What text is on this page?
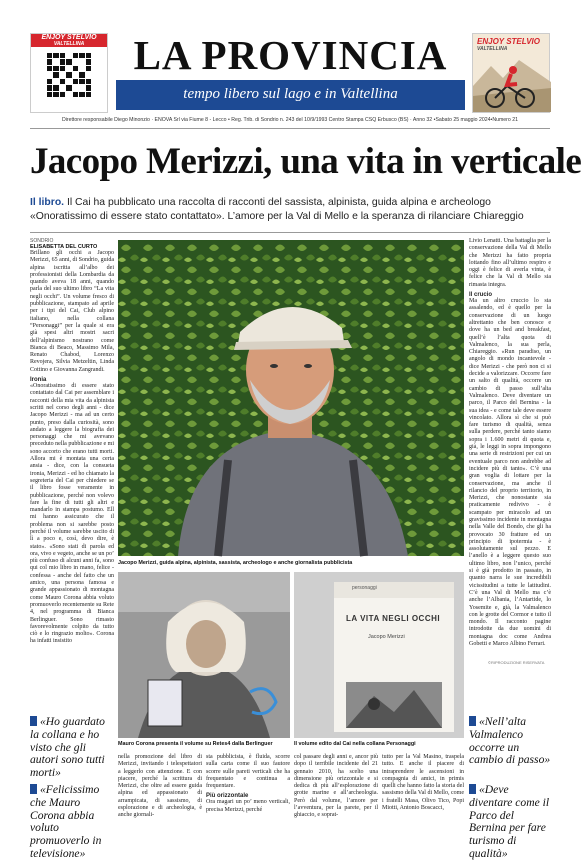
ENJOY STELVIO
VALTELLINA	LA PROVINCIA
tempo libero sul lago e in Valtellina
ENJOY STELVIO
VALTELLINA
Direttore responsabile Diego Minonzio · ENOVA Srl via Fiume 8 - Lecco • Reg. Trib. di Sondrio n. 243 del 10/9/1993 Centro Stampa CSQ Erbusco (BS) · Anno 32 •Sabato 25 maggio 2024•Numero 21
Jacopo Merizzi, una vita in verticale
Il libro. Il Cai ha pubblicato una raccolta di racconti del sassista, alpinista, guida alpina e archeologo «Onoratissimo di essere stato contattato». L’amore per la Val di Mello e la speranza di rilanciare Chiareggio
SONDRIO
ELISABETTA DEL CURTO

Brillano gli occhi a Jacopo Merizzi, 65 anni, di Sondrio, guida alpina iscritta all’albo dei professionisti della Lombardia da quando aveva 18 anni, quando parla del suo ultimo libro “La vita negli occhi”. Un volume fresco di pubblicazione, stampato ad aprile per i tipi del Cai, Club alpino italiano, nella collana “Personaggi” per la quale si era già spesi altri mostri sacri dell’alpinismo nostrano come Bianca di Beaco, Massimo Mila, Renato Chabod, Lorenzo Revojera, Silvia Metzeltin, Linda Cottino e Giovanna Zangrandi.

Ironia

«Onoratissimo di essere stato contattato dal Cai per assemblare i racconti della mia vita da alpinista scritti nel corso degli anni - dice Jacopo Merizzi - ma ad un certo punto, preso dalla curiosità, sono andato a leggere la biografia dei personaggi che mi avevano preceduto nella pubblicazione e mi sono accorto che erano tutti morti. Allora mi è montata una certa ansia - dice, con la consueta ironia, Merizzi - ed ho chiamato la segreteria del Cai per chiedere se il libro fosse veramente in pubblicazione, perché non volevo fare la fine di tutti gli altri e mandarlo in stampa postumo. Ell mi hanno assicurato che il problema non si sarebbe posto perché il volume sarebbe uscito di lì a poco e, così, devo dire, è stato». «Sono stati di parola ed ora, vivo e vegeto, anche se un po’ più confuso di alcuni anni fa, sono qui col mio libro in mano, felice - confessa - anche del fatto che un amico, una persona famosa e grande appassionato di montagna come Mauro Corona abbia voluto promuoverlo recentemente su Rete 4, nel programma di Bianca Berlinguer. Sono rimasto favorevolmente colpito da tutto ciò e lo ringrazio molto». Corona ha infatti insistito

Jacopo Merizzi, guida alpina, alpinista, sassista, archeologo e anche giornalista pubblicista

Livio Lenatti. Una battaglia per la conservazione della Val di Mello che Merizzi ha fatto propria lottando fino all’ultimo respiro e oggi è felice di averla vinta, è felice che la Val di Mello sia rimasta integra.

Il crucio

Ma un altro cruccio lo sta assalendo, ed è quello per la conservazione di un luogo altrettanto che ben conosce e dove ha un bed and breakfast, quell’è l’alta quota di Valmalenco, la sua perla, Chiareggio. «Run paradiso, un angolo di mondo incantevole - dice Merizzi - che però non ci si decide a valorizzare. Occorre fare un salto di qualità, occorre un cambio di passo sull’alta Valmalenco. Deve diventare un parco, il Parco del Bernina - la sua idea - e come tale deve essere vincolato. Allora sì che si può fare turismo di qualità, senza sulla perdere, perché tanto siamo sopra i 1.600 metri di quota e, già, le leggi in sopra impongono una serie di restrizioni per cui un eventuale parco non andrebbe ad incidere più di tanto». C’è una gran voglia di lottare per la conservazione, ma anche il rilancio del proprio territorio, in Merizzi, che nonostante sia praticamente redivivo - è scampato per miracolo ad un gravissimo incidente in montagna nella Valle del Bondo, che gli ha provocato 30 fratture ed un principio di ipotermia - è assolutamente sul pezzo. E l’anello è a leggere questo suo ultimo libro, non l’unico, perché si è già prodotto in passato, in quanto narra le sue incredibili vicissitudini a tutte le latitudini. C’è una Val di Mello ma c’è anche l’Albania, l’Antartide, lo Yosemite e, già, la Valmalenco con le grotte del Cormor e tutto il mondo. Il racconto pagine introdotte da due uomini di montagna doc come Andrea Gobetti e Marco Albino Ferrari.

Mauro Corona presenta il volume su Retes4 dalla Berlinguer
personaggi
LA VITA NEGLI OCCHI
Jacopo Merizzi
Il volume edito dal Cai nella collana Personaggi
©RIPRODUZIONE RISERVATA
«Ho guardato la collana e ho visto che gli autori sono tutti morti»
«Felicissimo che Mauro Corona abbia voluto promuoverlo in televisione»
«Nell’alta Valmalenco occorre un cambio di passo»
«Deve diventare come il Parco del Bernina per fare turismo di qualità»

nella promozione del libro di Merizzi, invitando i telespettatori a leggerlo con attenzione. E con piacere, perché la scrittura di Merizzi, che oltre ad essere guida alpina ed appassionato di arrampicata, di sassismo, di esplorazione e di archeologia, è anche giornali-

sta pubblicista, è fluida, scorre sulla carta come il suo fautore scorre sulle pareti verticali che ha frequentato e continua a frequentare.

Più orizzontale

Ora magari un po’ meno verticali, precisa Merizzi, perché

col passare degli anni e, ancor più dopo il terribile incidente del 21 gennaio 2010, ha scelto una dimensione più orizzontale e si dedica di più all’esplorazione di grotte marine e all’archeologia. Però dal volume, l’amore per l’avventura, per la parete, per il ghiaccio, e soprat-

tutto per la Val Masino, traspela tutto. E anche il piacere di intraprendere le ascensioni in compagnia di amici, in primis quelli che hanno fatto la storia del sassismo della Val di Mello, come i fratelli Masa, Olivo Tico, Popi Miotti, Antonio Boscacci,
